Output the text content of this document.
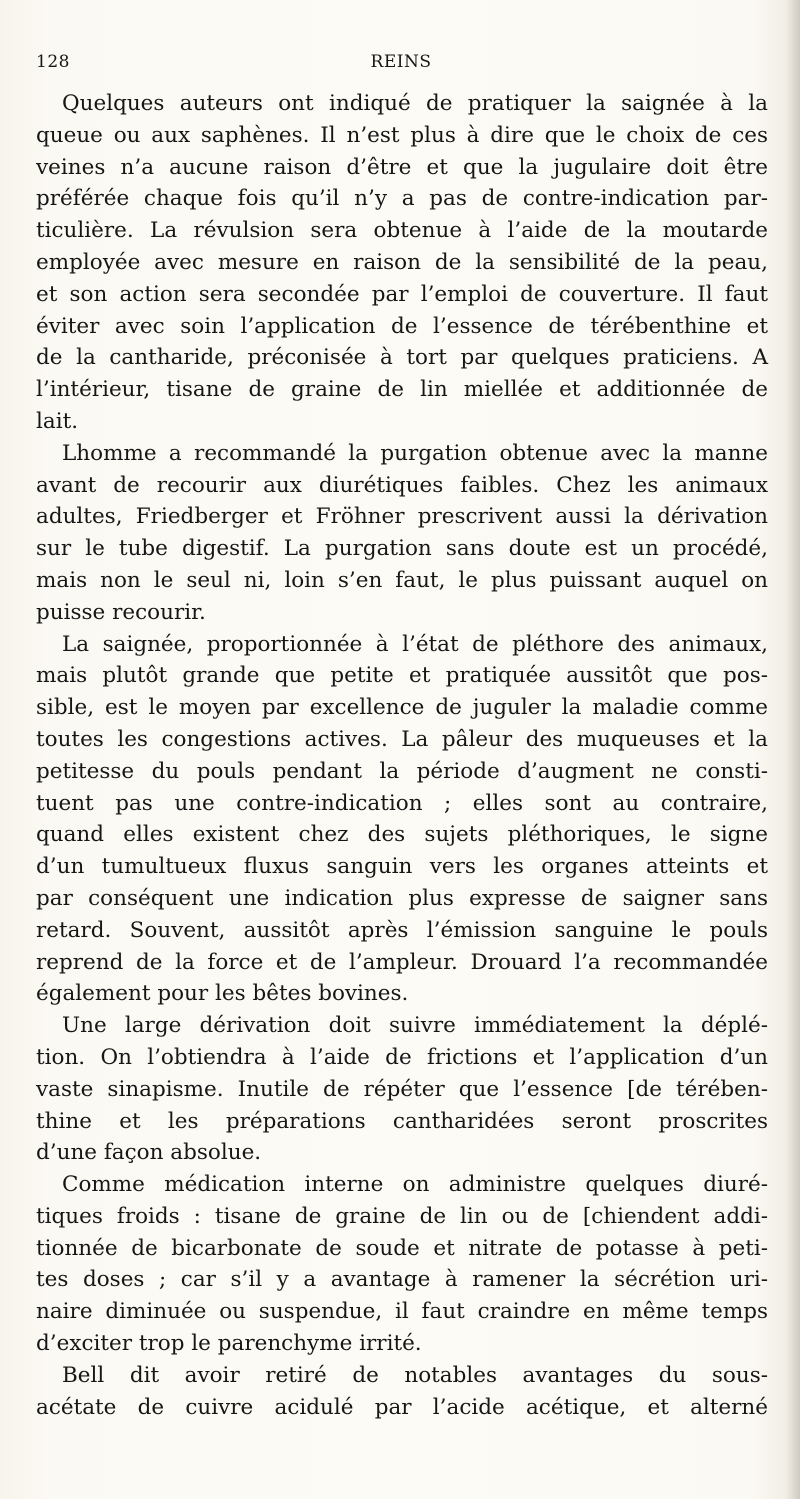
128	REINS
Quelques auteurs ont indiqué de pratiquer la saignée à la
queue ou aux saphènes. Il n’est plus à dire que le choix de ces
veines n’a aucune raison d’être et que la jugulaire doit être
préférée chaque fois qu’il n’y a pas de contre-indication par-
ticulière. La révulsion sera obtenue à l’aide de la moutarde
employée avec mesure en raison de la sensibilité de la peau,
et son action sera secondée par l’emploi de couverture. Il faut
éviter avec soin l’application de l’essence de térébenthine et
de la cantharide, préconisée à tort par quelques praticiens. A
l’intérieur, tisane de graine de lin miellée et additionnée de
lait.
Lhomme a recommandé la purgation obtenue avec la manne
avant de recourir aux diurétiques faibles. Chez les animaux
adultes, Friedberger et Fröhner prescrivent aussi la dérivation
sur le tube digestif. La purgation sans doute est un procédé,
mais non le seul ni, loin s’en faut, le plus puissant auquel on
puisse recourir.
La saignée, proportionnée à l’état de pléthore des animaux,
mais plutôt grande que petite et pratiquée aussitôt que pos-
sible, est le moyen par excellence de juguler la maladie comme
toutes les congestions actives. La pâleur des muqueuses et la
petitesse du pouls pendant la période d’augment ne consti-
tuent pas une contre-indication ; elles sont au contraire,
quand elles existent chez des sujets pléthoriques, le signe
d’un tumultueux fluxus sanguin vers les organes atteints et
par conséquent une indication plus expresse de saigner sans
retard. Souvent, aussitôt après l’émission sanguine le pouls
reprend de la force et de l’ampleur. Drouard l’a recommandée
également pour les bêtes bovines.
Une large dérivation doit suivre immédiatement la déplé-
tion. On l’obtiendra à l’aide de frictions et l’application d’un
vaste sinapisme. Inutile de répéter que l’essence [de térében-
thine et les préparations cantharidées seront proscrites
d’une façon absolue.
Comme médication interne on administre quelques diuré-
tiques froids : tisane de graine de lin ou de [chiendent addi-
tionnée de bicarbonate de soude et nitrate de potasse à peti-
tes doses ; car s’il y a avantage à ramener la sécrétion uri-
naire diminuée ou suspendue, il faut craindre en même temps
d’exciter trop le parenchyme irrité.
Bell dit avoir retiré de notables avantages du sous-
acétate de cuivre acidulé par l’acide acétique, et alterné
